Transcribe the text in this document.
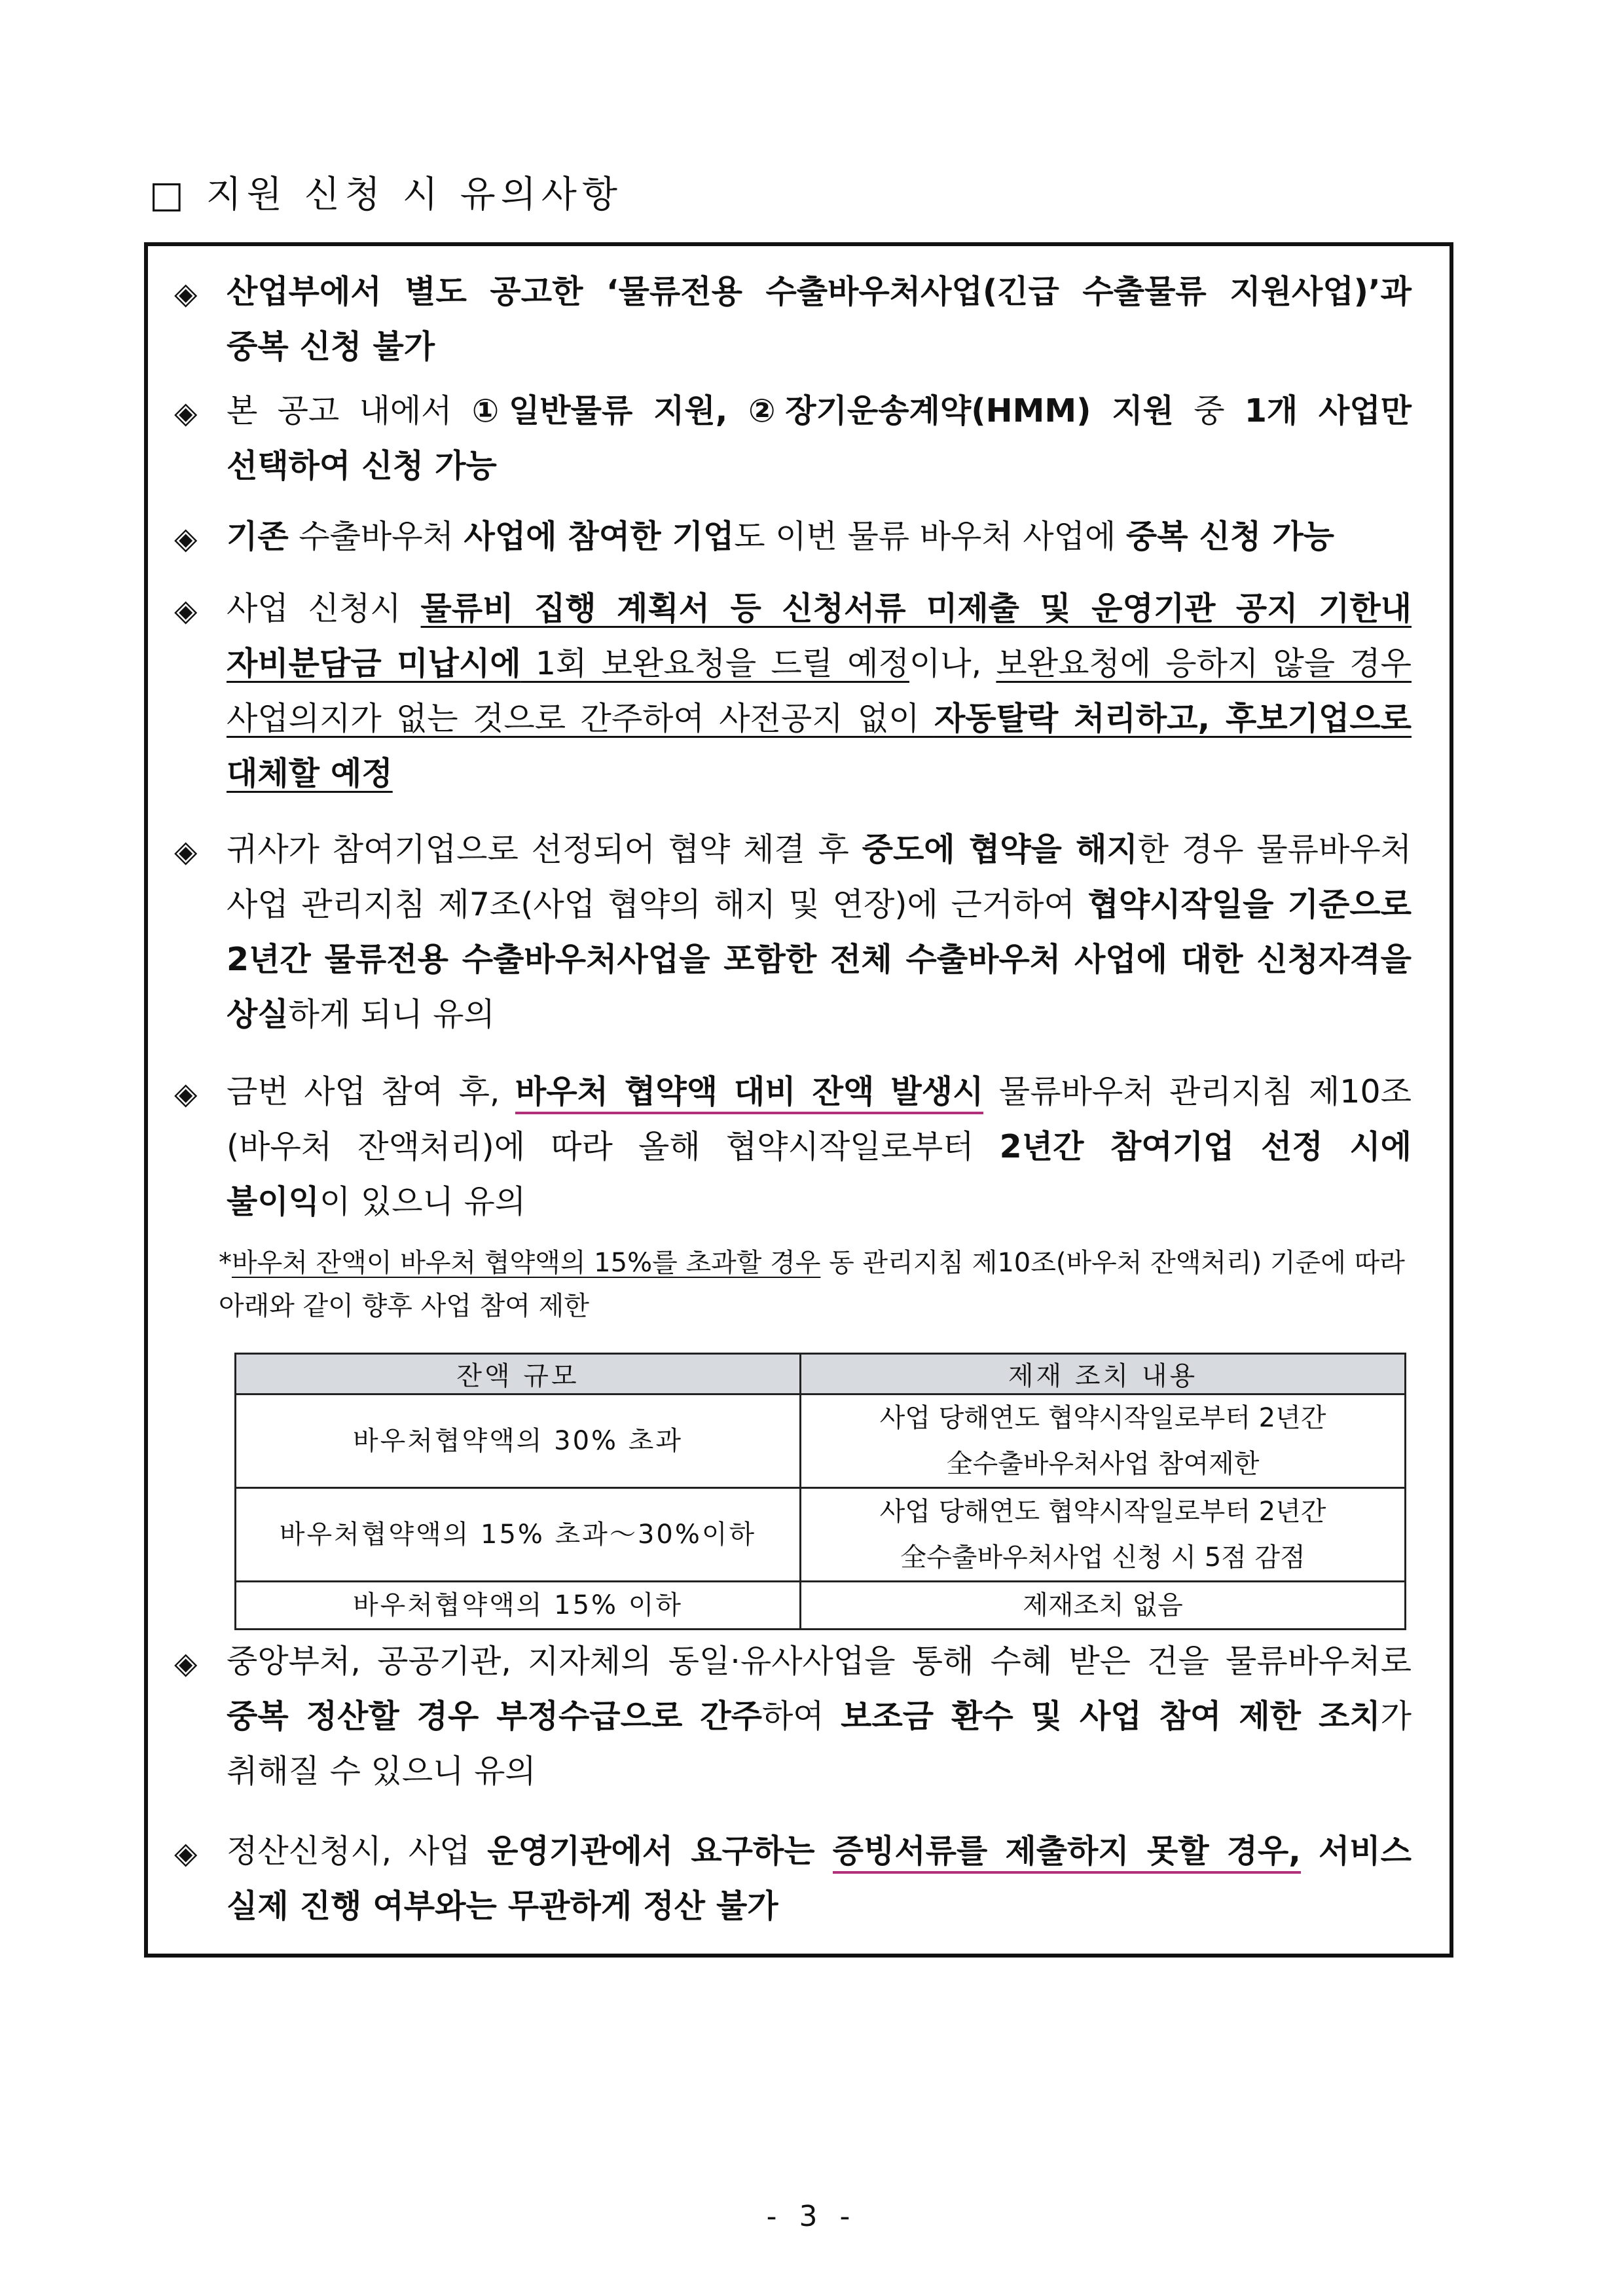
□ 지원 신청 시 유의사항
◈ 산업부에서 별도 공고한 ‘물류전용 수출바우처사업(긴급 수출물류 지원사업)’과 중복 신청 불가
◈ 본 공고 내에서 ①일반물류 지원, ②장기운송계약(HMM) 지원 중 1개 사업만 선택하여 신청 가능
◈ 기존 수출바우처 사업에 참여한 기업도 이번 물류 바우처 사업에 중복 신청 가능
◈ 사업 신청시 물류비 집행 계획서 등 신청서류 미제출 및 운영기관 공지 기한내 자비분담금 미납시에 1회 보완요청을 드릴 예정이나, 보완요청에 응하지 않을 경우 사업의지가 없는 것으로 간주하여 사전공지 없이 자동탈락 처리하고, 후보기업으로 대체할 예정
◈ 귀사가 참여기업으로 선정되어 협약 체결 후 중도에 협약을 해지한 경우 물류바우처 사업 관리지침 제7조(사업 협약의 해지 및 연장)에 근거하여 협약시작일을 기준으로 2년간 물류전용 수출바우처사업을 포함한 전체 수출바우처 사업에 대한 신청자격을 상실하게 되니 유의
◈ 금번 사업 참여 후, 바우처 협약액 대비 잔액 발생시 물류바우처 관리지침 제10조(바우처 잔액처리)에 따라 올해 협약시작일로부터 2년간 참여기업 선정 시에 불이익이 있으니 유의
*바우처 잔액이 바우처 협약액의 15%를 초과할 경우 동 관리지침 제10조(바우처 잔액처리) 기준에 따라 아래와 같이 향후 사업 참여 제한
잔액 규모	제재 조치 내용
바우처협약액의 30% 초과	사업 당해연도 협약시작일로부터 2년간
全수출바우처사업 참여제한

바우처협약액의 15% 초과～30%이하	사업 당해연도 협약시작일로부터 2년간
全수출바우처사업 신청 시 5점 감점

바우처협약액의 15% 이하	제재조치 없음
◈ 중앙부처, 공공기관, 지자체의 동일·유사사업을 통해 수혜 받은 건을 물류바우처로 중복 정산할 경우 부정수급으로 간주하여 보조금 환수 및 사업 참여 제한 조치가 취해질 수 있으니 유의
◈ 정산신청시, 사업 운영기관에서 요구하는 증빙서류를 제출하지 못할 경우, 서비스 실제 진행 여부와는 무관하게 정산 불가
- 3 -
